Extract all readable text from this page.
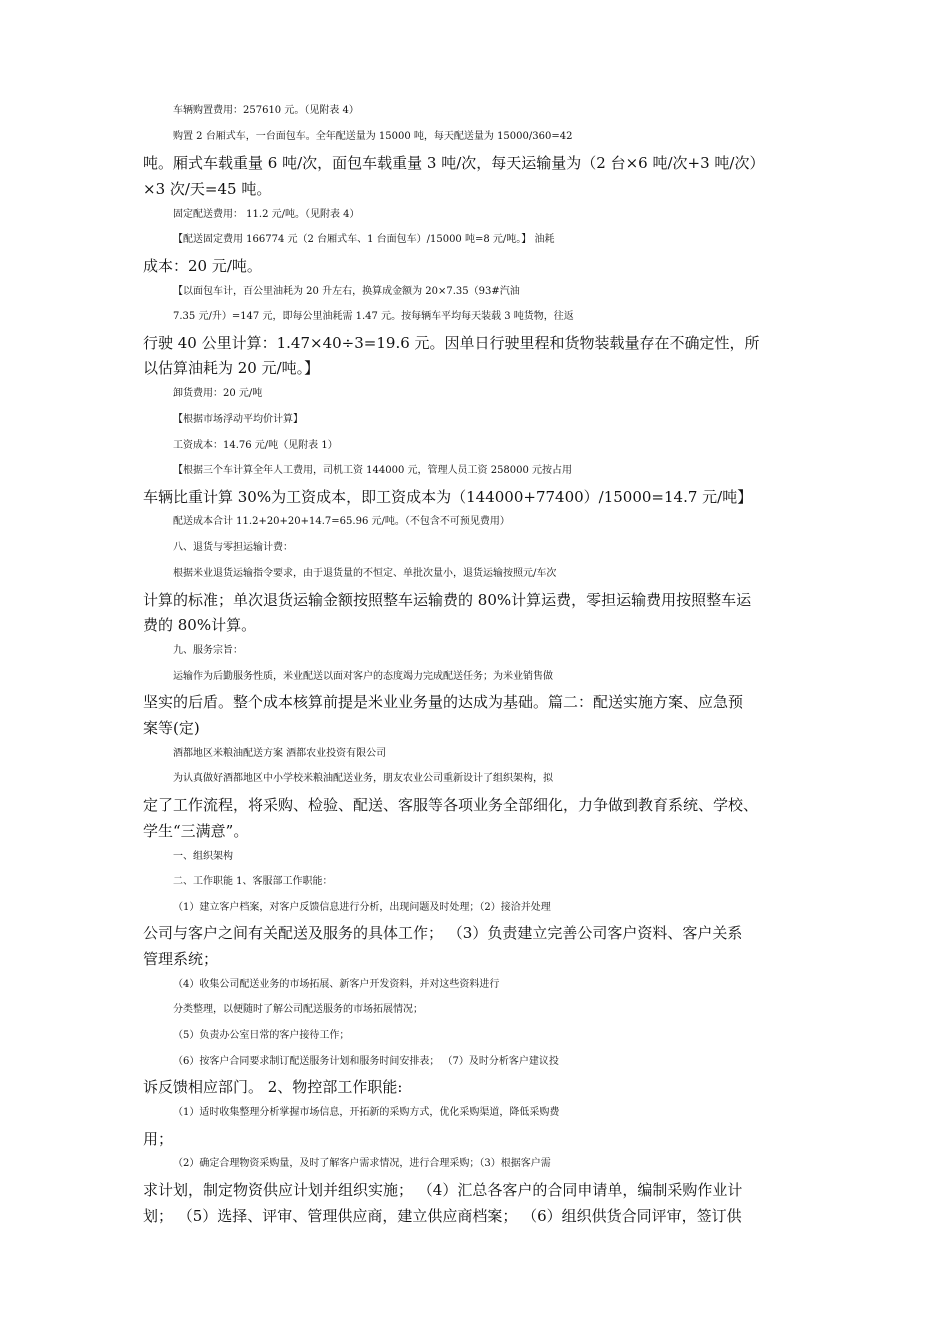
车辆购置费用：257610 元。（见附表 4）
购置 2 台厢式车，一台面包车。全年配送量为 15000 吨，每天配送量为 15000/360=42
吨。厢式车载重量 6 吨/次，面包车载重量 3 吨/次，每天运输量为（2 台×6 吨/次+3 吨/次）
×3 次/天=45 吨。
固定配送费用： 11.2 元/吨。（见附表 4）
【配送固定费用 166774 元（2 台厢式车、1 台面包车）/15000 吨=8 元/吨。】 油耗
成本：20 元/吨。
【以面包车计，百公里油耗为 20 升左右，换算成金额为 20×7.35（93#汽油
7.35 元/升）=147 元，即每公里油耗需 1.47 元。按每辆车平均每天装载 3 吨货物，往返
行驶 40 公里计算：1.47×40÷3=19.6 元。因单日行驶里程和货物装载量存在不确定性，所
以估算油耗为 20 元/吨。】
卸货费用：20 元/吨
【根据市场浮动平均价计算】
工资成本：14.76 元/吨（见附表 1）
【根据三个车计算全年人工费用，司机工资 144000 元，管理人员工资 258000 元按占用
车辆比重计算 30%为工资成本，即工资成本为（144000+77400）/15000=14.7 元/吨】
配送成本合计 11.2+20+20+14.7=65.96 元/吨。（不包含不可预见费用）
八、退货与零担运输计费：
根据米业退货运输指令要求，由于退货量的不恒定、单批次量小，退货运输按照元/车次
计算的标准；单次退货运输金额按照整车运输费的 80%计算运费，零担运输费用按照整车运
费的 80%计算。
九、服务宗旨：
运输作为后勤服务性质，米业配送以面对客户的态度竭力完成配送任务；为米业销售做
坚实的后盾。整个成本核算前提是米业业务量的达成为基础。篇二：配送实施方案、应急预
案等(定)
酒都地区米粮油配送方案 酒都农业投资有限公司
为认真做好酒都地区中小学校米粮油配送业务，朋友农业公司重新设计了组织架构，拟
定了工作流程，将采购、检验、配送、客服等各项业务全部细化，力争做到教育系统、学校、
学生“三满意”。
一、组织架构
二、工作职能 1、客服部工作职能：
（1）建立客户档案，对客户反馈信息进行分析，出现问题及时处理；（2）接洽并处理
公司与客户之间有关配送及服务的具体工作； （3）负责建立完善公司客户资料、客户关系
管理系统；
（4）收集公司配送业务的市场拓展、新客户开发资料，并对这些资料进行
分类整理，以便随时了解公司配送服务的市场拓展情况；
（5）负责办公室日常的客户接待工作；
（6）按客户合同要求制订配送服务计划和服务时间安排表； （7）及时分析客户建议投
诉反馈相应部门。 2、物控部工作职能:
（1）适时收集整理分析掌握市场信息，开拓新的采购方式，优化采购渠道，降低采购费
用；
（2）确定合理物资采购量，及时了解客户需求情况，进行合理采购；（3）根据客户需
求计划，制定物资供应计划并组织实施； （4）汇总各客户的合同申请单，编制采购作业计
划； （5）选择、评审、管理供应商，建立供应商档案； （6）组织供货合同评审，签订供
